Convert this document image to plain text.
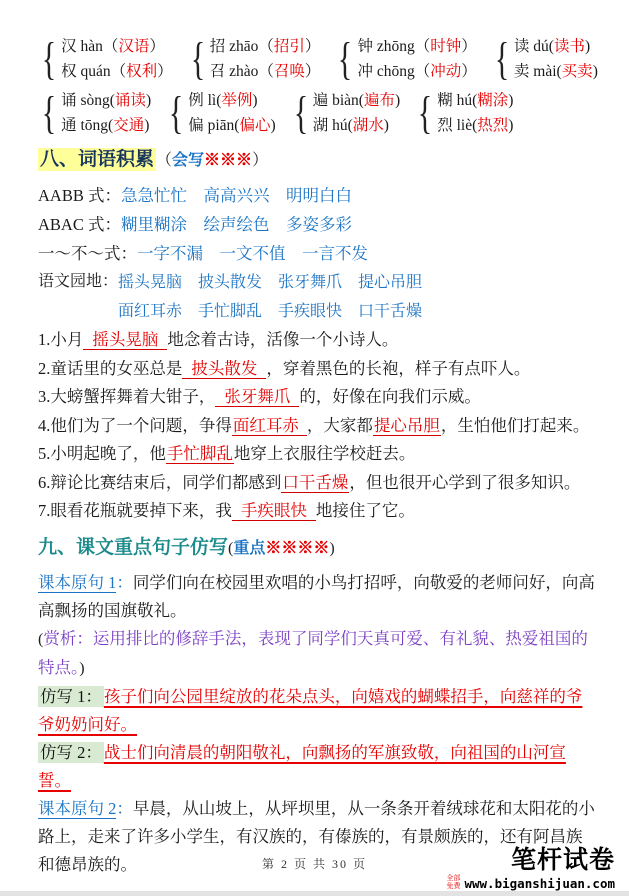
{ 汉 hàn（汉语）
权 quán（权利） { 招 zhāo（招引）
召 zhào（召唤） { 钟 zhōng（时钟）
冲 chōng（冲动） { 读 dú(读书)
卖 mài(买卖)
{ 诵 sòng(诵读)
通 tōng(交通) { 例 lì(举例)
偏 piān(偏心) { 遍 biàn(遍布)
湖 hú(湖水) { 糊 hú(糊涂)
烈 liè(热烈)
八、词语积累 （会写※※※）

AABB 式：急急忙忙　高高兴兴　明明白白

ABAC 式：糊里糊涂　绘声绘色　多姿多彩

一～不～式：一字不漏　一文不值　一言不发

语文园地： 摇头晃脑　披头散发　张牙舞爪　提心吊胆
面红耳赤　手忙脚乱　手疾眼快　口干舌燥

1.小月 摇头晃脑 地念着古诗，活像一个小诗人。

2.童话里的女巫总是 披头散发 ，穿着黑色的长袍，样子有点吓人。

3.大螃蟹挥舞着大钳子， 张牙舞爪 的，好像在向我们示威。

4.他们为了一个问题，争得面红耳赤 ，大家都提心吊胆，生怕他们打起来。

5.小明起晚了，他手忙脚乱地穿上衣服往学校赶去。

6.辩论比赛结束后，同学们都感到口干舌燥，但也很开心学到了很多知识。

7.眼看花瓶就要掉下来，我 手疾眼快 地接住了它。

九、课文重点句子仿写(重点※※※※)

课本原句 1：同学们向在校园里欢唱的小鸟打招呼，向敬爱的老师问好，向高高飘扬的国旗敬礼。

(赏析：运用排比的修辞手法，表现了同学们天真可爱、有礼貌、热爱祖国的特点。)

仿写 1： 孩子们向公园里绽放的花朵点头，向嬉戏的蝴蝶招手，向慈祥的爷爷奶奶问好。

仿写 2： 战士们向清晨的朝阳敬礼，向飘扬的军旗致敬，向祖国的山河宣誓。

课本原句 2：早晨，从山坡上，从坪坝里，从一条条开着绒球花和太阳花的小路上，走来了许多小学生，有汉族的，有傣族的，有景颇族的，还有阿昌族和德昂族的。	第 2 页 共 30 页	笔杆试卷
全部免费 www.biganshijuan.com
